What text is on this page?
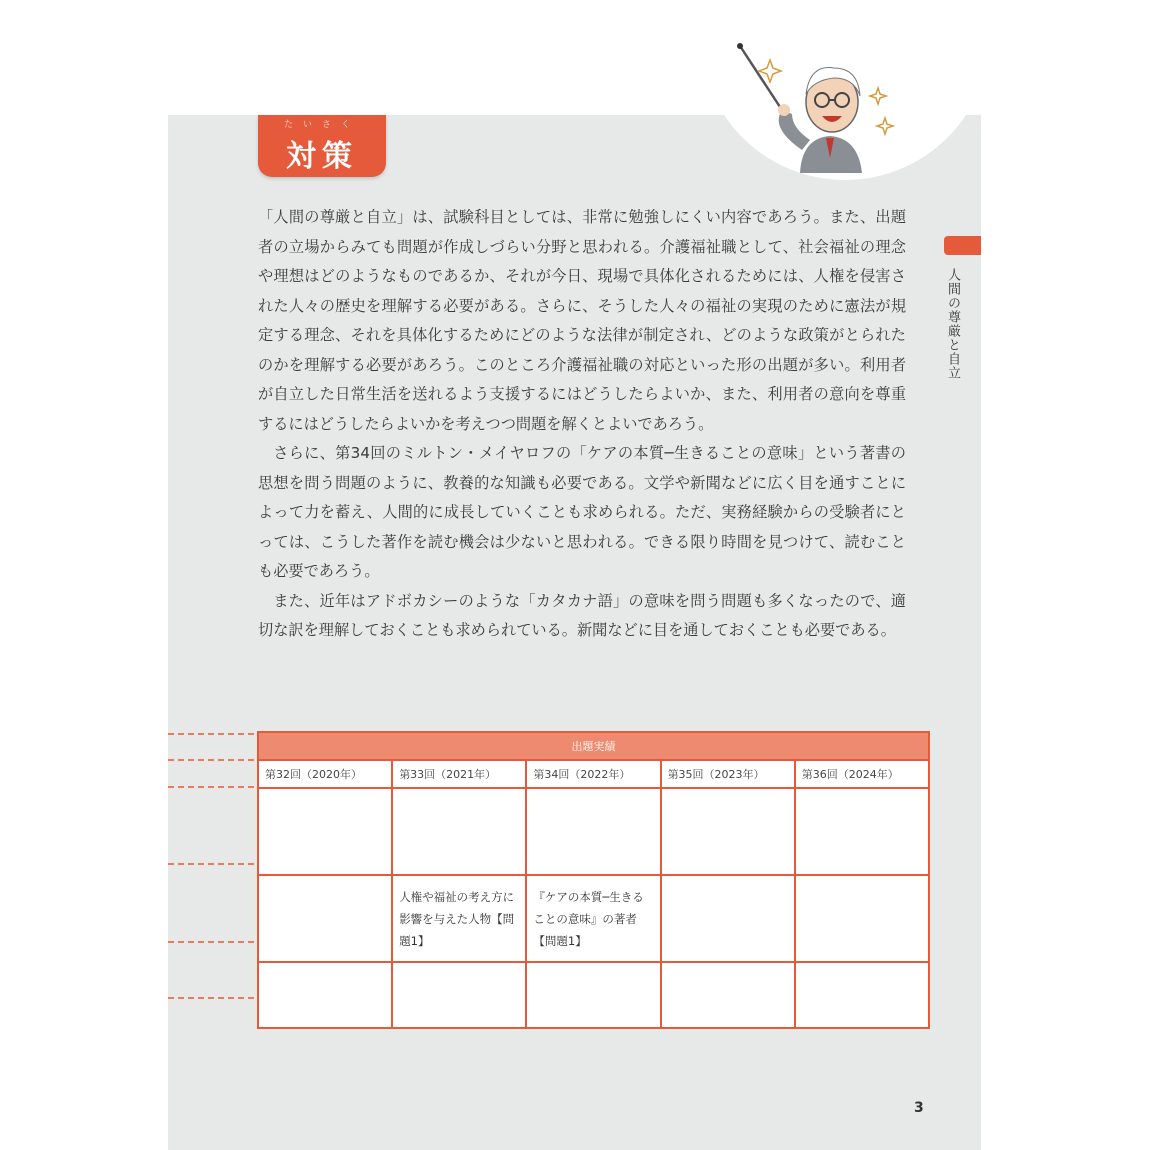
たいさく
対策
人間の尊厳と自立

「人間の尊厳と自立」は、試験科目としては、非常に勉強しにくい内容であろう。また、出題者の立場からみても問題が作成しづらい分野と思われる。介護福祉職として、社会福祉の理念や理想はどのようなものであるか、それが今日、現場で具体化されるためには、人権を侵害された人々の歴史を理解する必要がある。さらに、そうした人々の福祉の実現のために憲法が規定する理念、それを具体化するためにどのような法律が制定され、どのような政策がとられたのかを理解する必要があろう。このところ介護福祉職の対応といった形の出題が多い。利用者が自立した日常生活を送れるよう支援するにはどうしたらよいか、また、利用者の意向を尊重するにはどうしたらよいかを考えつつ問題を解くとよいであろう。

さらに、第34回のミルトン・メイヤロフの「ケアの本質─生きることの意味」という著書の思想を問う問題のように、教養的な知識も必要である。文学や新聞などに広く目を通すことによって力を蓄え、人間的に成長していくことも求められる。ただ、実務経験からの受験者にとっては、こうした著作を読む機会は少ないと思われる。できる限り時間を見つけて、読むことも必要であろう。

また、近年はアドボカシーのような「カタカナ語」の意味を問う問題も多くなったので、適切な訳を理解しておくことも求められている。新聞などに目を通しておくことも必要である。

出題実績				
第32回（2020年）	第33回（2021年）	第34回（2022年）	第35回（2023年）	第36回（2024年）

	人権や福祉の考え方に影響を与えた人物【問題1】	『ケアの本質─生きることの意味』の著者【問題1】		

3
